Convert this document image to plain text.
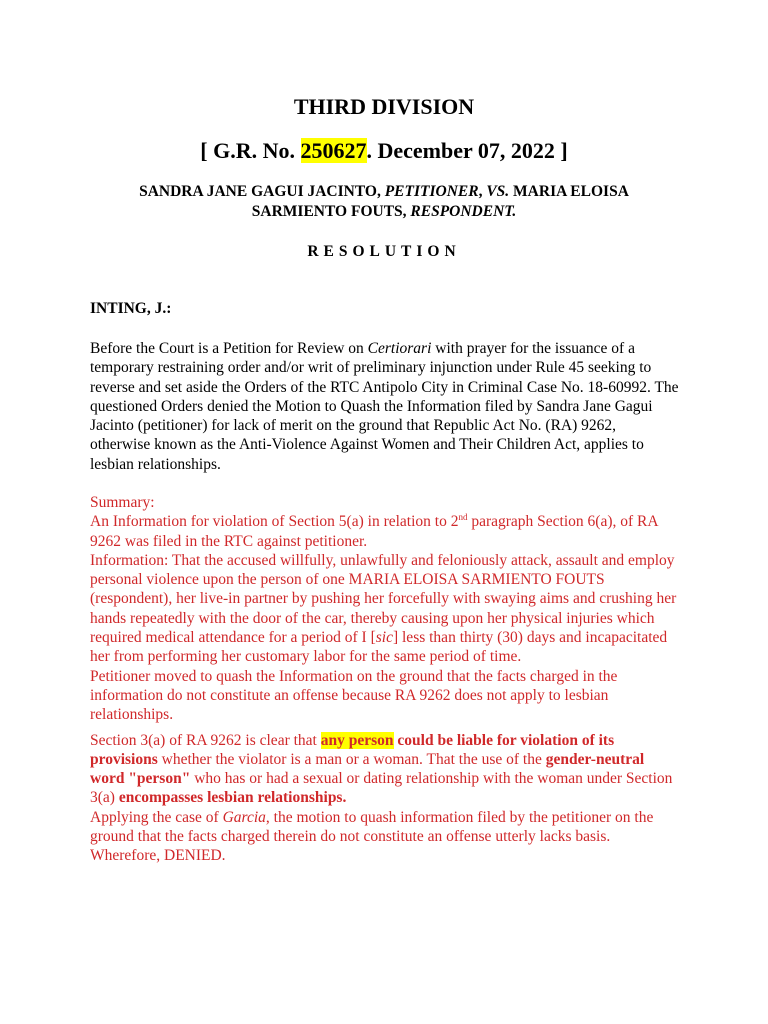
THIRD DIVISION
[ G.R. No. 250627. December 07, 2022 ]
SANDRA JANE GAGUI JACINTO, PETITIONER, VS. MARIA ELOISA SARMIENTO FOUTS, RESPONDENT.
RESOLUTION
INTING, J.:

Before the Court is a Petition for Review on Certiorari with prayer for the issuance of a temporary restraining order and/or writ of preliminary injunction under Rule 45 seeking to reverse and set aside the Orders of the RTC Antipolo City in Criminal Case No. 18-60992. The questioned Orders denied the Motion to Quash the Information filed by Sandra Jane Gagui Jacinto (petitioner) for lack of merit on the ground that Republic Act No. (RA) 9262, otherwise known as the Anti-Violence Against Women and Their Children Act, applies to lesbian relationships.

Summary:

An Information for violation of Section 5(a) in relation to 2nd paragraph Section 6(a), of RA 9262 was filed in the RTC against petitioner.

Information: That the accused willfully, unlawfully and feloniously attack, assault and employ personal violence upon the person of one MARIA ELOISA SARMIENTO FOUTS (respondent), her live-in partner by pushing her forcefully with swaying aims and crushing her hands repeatedly with the door of the car, thereby causing upon her physical injuries which required medical attendance for a period of I [sic] less than thirty (30) days and incapacitated her from performing her customary labor for the same period of time.

Petitioner moved to quash the Information on the ground that the facts charged in the information do not constitute an offense because RA 9262 does not apply to lesbian relationships.

Section 3(a) of RA 9262 is clear that any person could be liable for violation of its provisions whether the violator is a man or a woman. That the use of the gender-neutral word "person" who has or had a sexual or dating relationship with the woman under Section 3(a) encompasses lesbian relationships.

Applying the case of Garcia, the motion to quash information filed by the petitioner on the ground that the facts charged therein do not constitute an offense utterly lacks basis.

Wherefore, DENIED.
